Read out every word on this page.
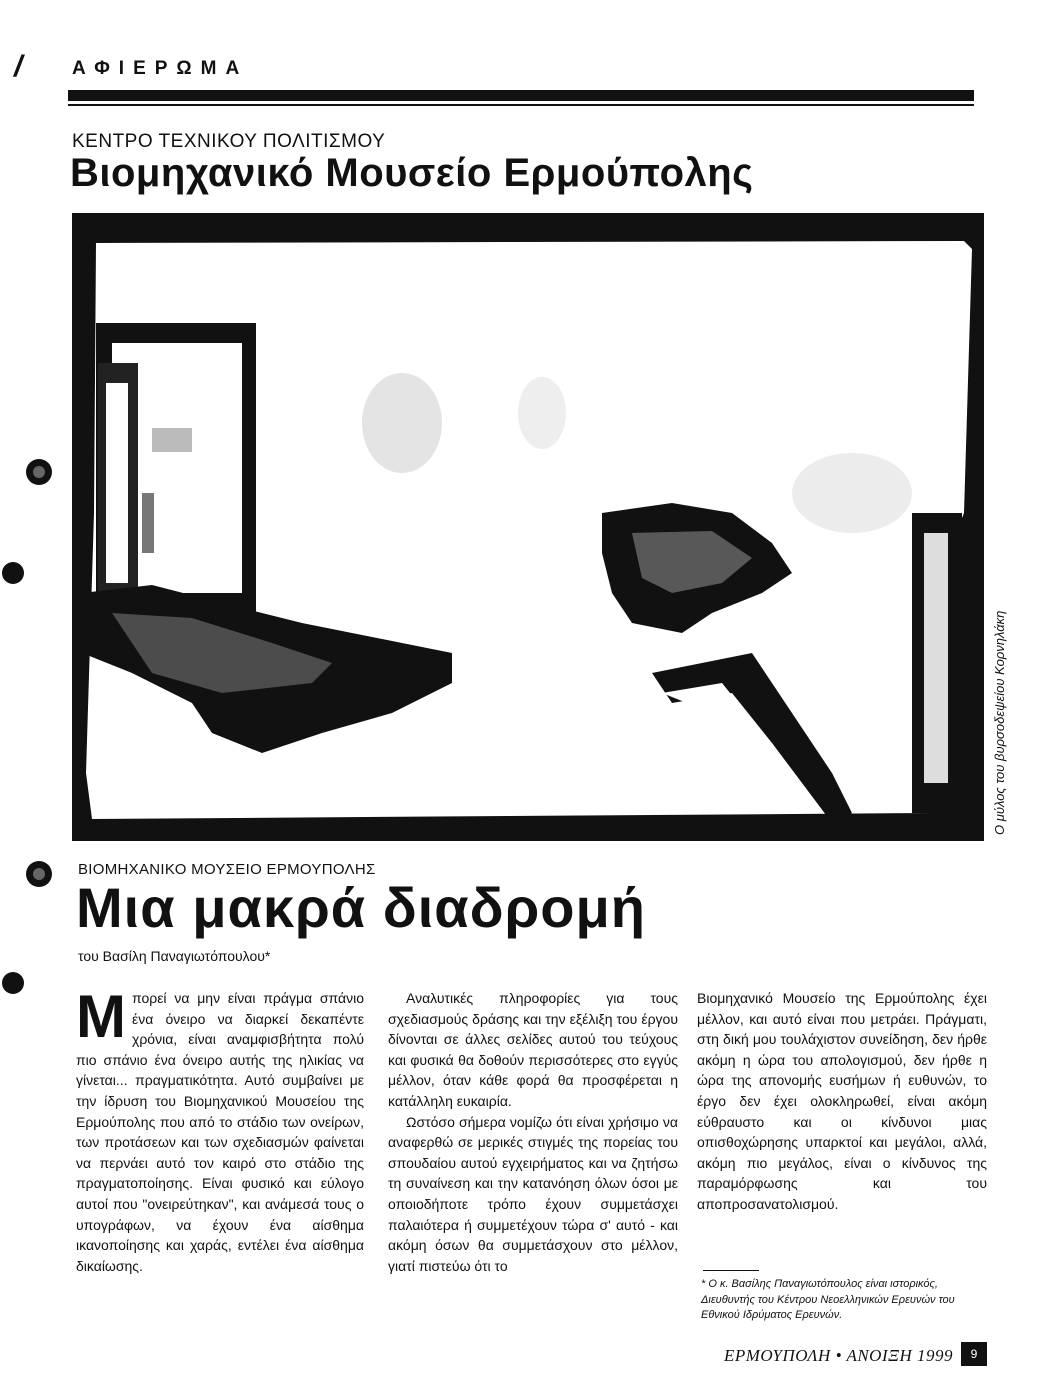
/	ΑΦΙΕΡΩΜΑ
ΚΕΝΤΡΟ ΤΕΧΝΙΚΟΥ ΠΟΛΙΤΙΣΜΟΥ
Βιομηχανικό Μουσείο Ερμούπολης
Ο μύλος του βυρσοδεψείου Κορνηλάκη
ΒΙΟΜΗΧΑΝΙΚΟ ΜΟΥΣΕΙΟ ΕΡΜΟΥΠΟΛΗΣ
Μια μακρά διαδρομή
του Βασίλη Παναγιωτόπουλου*

Μπορεί να μην είναι πράγμα σπάνιο ένα όνειρο να διαρκεί δεκαπέντε χρόνια, είναι αναμφισβήτητα πολύ πιο σπάνιο ένα όνειρο αυτής της ηλικίας να γίνεται... πραγματικότητα. Αυτό συμβαίνει με την ίδρυση του Βιομηχανικού Μουσείου της Ερμούπολης που από το στάδιο των ονείρων, των προτάσεων και των σχεδιασμών φαίνεται να περνάει αυτό τον καιρό στο στάδιο της πραγματοποίησης. Είναι φυσικό και εύλογο αυτοί που "ονειρεύτηκαν", και ανάμεσά τους ο υπογράφων, να έχουν ένα αίσθημα ικανοποίησης και χαράς, εντέλει ένα αίσθημα δικαίωσης.

Αναλυτικές πληροφορίες για τους σχεδιασμούς δράσης και την εξέλιξη του έργου δίνονται σε άλλες σελίδες αυτού του τεύχους και φυσικά θα δοθούν περισσότερες στο εγγύς μέλλον, όταν κάθε φορά θα προσφέρεται η κατάλληλη ευκαιρία.

Ωστόσο σήμερα νομίζω ότι είναι χρήσιμο να αναφερθώ σε μερικές στιγμές της πορείας του σπουδαίου αυτού εγχειρήματος και να ζητήσω τη συναίνεση και την κατανόηση όλων όσοι με οποιοδήποτε τρόπο έχουν συμμετάσχει παλαιότερα ή συμμετέχουν τώρα σ' αυτό - και ακόμη όσων θα συμμετάσχουν στο μέλλον, γιατί πιστεύω ότι το

Βιομηχανικό Μουσείο της Ερμούπολης έχει μέλλον, και αυτό είναι που μετράει. Πράγματι, στη δική μου τουλάχιστον συνείδηση, δεν ήρθε ακόμη η ώρα του απολογισμού, δεν ήρθε η ώρα της απονομής ευσήμων ή ευθυνών, το έργο δεν έχει ολοκληρωθεί, είναι ακόμη εύθραυστο και οι κίνδυνοι μιας οπισθοχώρησης υπαρκτοί και μεγάλοι, αλλά, ακόμη πιο μεγάλος, είναι ο κίνδυνος της παραμόρφωσης και του αποπροσανατολισμού.

* Ο κ. Βασίλης Παναγιωτόπουλος είναι ιστορικός, Διευθυντής του Κέντρου Νεοελληνικών Ερευνών του Εθνικού Ιδρύματος Ερευνών.
ΕΡΜΟΥΠΟΛΗ • ΑΝΟΙΞΗ 1999	9
